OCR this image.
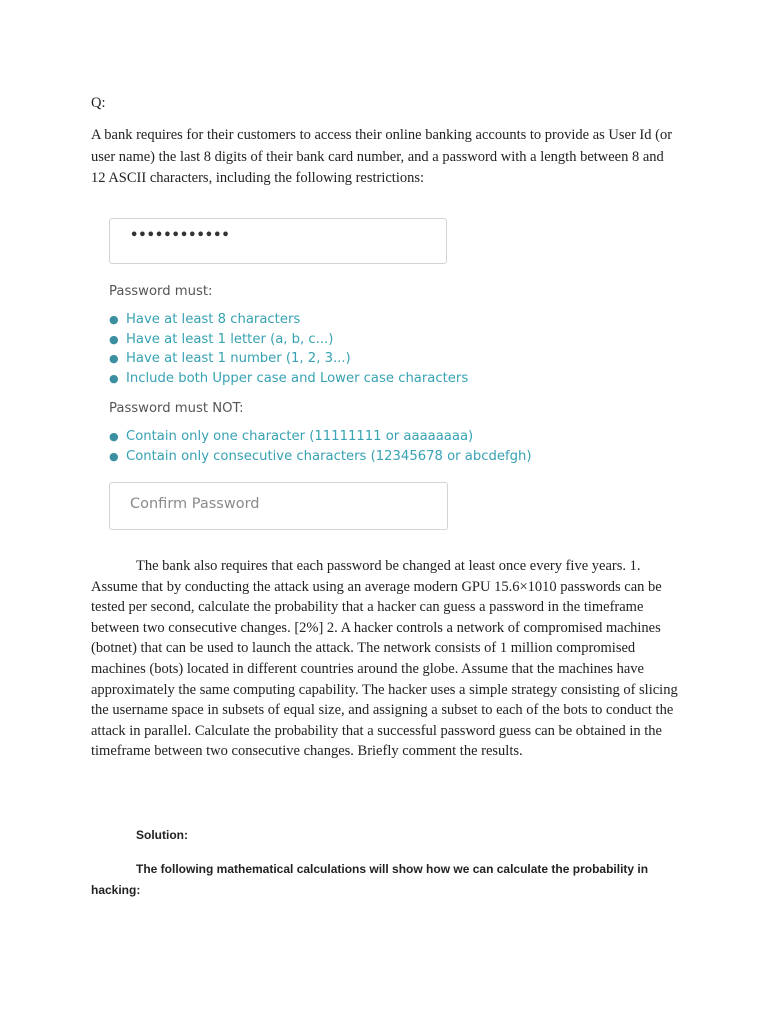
Q:
A bank requires for their customers to access their online banking accounts to provide as User Id (or user name) the last 8 digits of their bank card number, and a password with a length between 8 and 12 ASCII characters, including the following restrictions:
••••••••••••

Password must:

● Have at least 8 characters
● Have at least 1 letter (a, b, c...)
● Have at least 1 number (1, 2, 3...)
● Include both Upper case and Lower case characters

Password must NOT:

● Contain only one character (11111111 or aaaaaaaa)
● Contain only consecutive characters (12345678 or abcdefgh)
Confirm Password
The bank also requires that each password be changed at least once every five years. 1. Assume that by conducting the attack using an average modern GPU 15.6×1010 passwords can be tested per second, calculate the probability that a hacker can guess a password in the timeframe between two consecutive changes. [2%] 2. A hacker controls a network of compromised machines (botnet) that can be used to launch the attack. The network consists of 1 million compromised machines (bots) located in different countries around the globe. Assume that the machines have approximately the same computing capability. The hacker uses a simple strategy consisting of slicing the username space in subsets of equal size, and assigning a subset to each of the bots to conduct the attack in parallel. Calculate the probability that a successful password guess can be obtained in the timeframe between two consecutive changes. Briefly comment the results.
Solution:
The following mathematical calculations will show how we can calculate the probability in hacking:
